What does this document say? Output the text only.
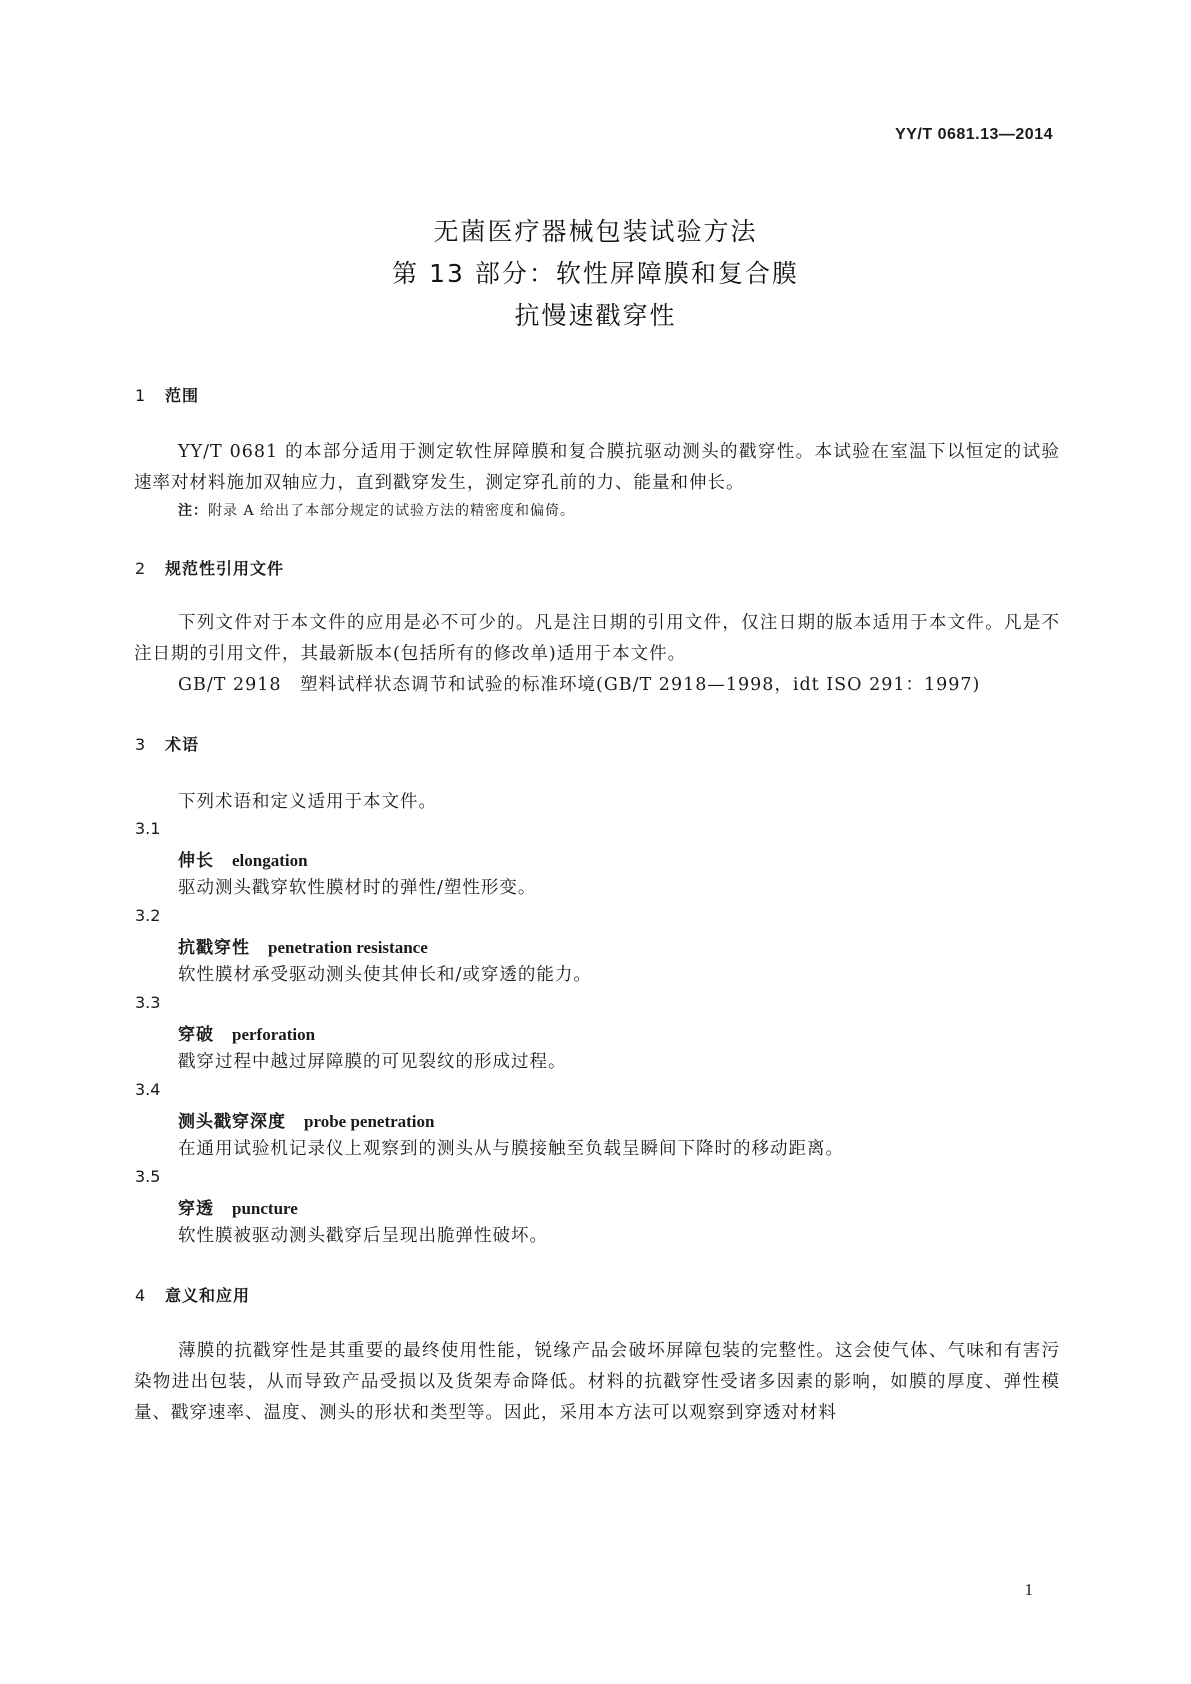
YY/T 0681.13—2014
无菌医疗器械包装试验方法
第 13 部分：软性屏障膜和复合膜
抗慢速戳穿性
1 范围
YY/T 0681 的本部分适用于测定软性屏障膜和复合膜抗驱动测头的戳穿性。本试验在室温下以恒定的试验速率对材料施加双轴应力，直到戳穿发生，测定穿孔前的力、能量和伸长。
注：附录 A 给出了本部分规定的试验方法的精密度和偏倚。
2 规范性引用文件
下列文件对于本文件的应用是必不可少的。凡是注日期的引用文件，仅注日期的版本适用于本文件。凡是不注日期的引用文件，其最新版本(包括所有的修改单)适用于本文件。
GB/T 2918　塑料试样状态调节和试验的标准环境(GB/T 2918—1998，idt ISO 291：1997)
3 术语
下列术语和定义适用于本文件。
3.1
伸长 elongation
驱动测头戳穿软性膜材时的弹性/塑性形变。
3.2
抗戳穿性 penetration resistance
软性膜材承受驱动测头使其伸长和/或穿透的能力。
3.3
穿破 perforation
戳穿过程中越过屏障膜的可见裂纹的形成过程。
3.4
测头戳穿深度 probe penetration
在通用试验机记录仪上观察到的测头从与膜接触至负载呈瞬间下降时的移动距离。
3.5
穿透 puncture
软性膜被驱动测头戳穿后呈现出脆弹性破坏。
4 意义和应用
薄膜的抗戳穿性是其重要的最终使用性能，锐缘产品会破坏屏障包装的完整性。这会使气体、气味和有害污染物进出包装，从而导致产品受损以及货架寿命降低。材料的抗戳穿性受诸多因素的影响，如膜的厚度、弹性模量、戳穿速率、温度、测头的形状和类型等。因此，采用本方法可以观察到穿透对材料
1
